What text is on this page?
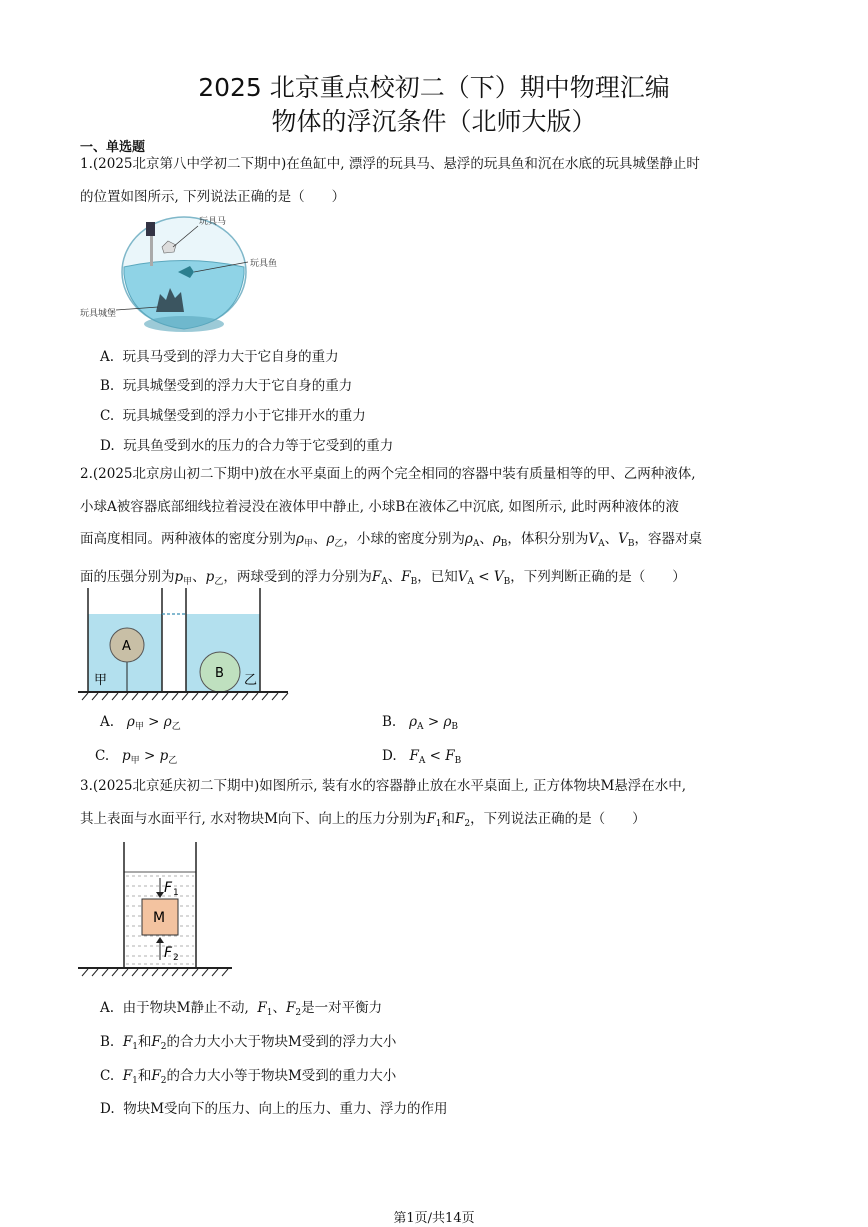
2025 北京重点校初二（下）期中物理汇编
物体的浮沉条件（北师大版）
一、单选题

1.(2025北京第八中学初二下期中)在鱼缸中, 漂浮的玩具马、悬浮的玩具鱼和沉在水底的玩具城堡静止时

的位置如图所示, 下列说法正确的是（　　）

玩具马
玩具鱼
玩具城堡
A. 玩具马受到的浮力大于它自身的重力
B. 玩具城堡受到的浮力大于它自身的重力
C. 玩具城堡受到的浮力小于它排开水的重力
D. 玩具鱼受到水的压力的合力等于它受到的重力

2.(2025北京房山初二下期中)放在水平桌面上的两个完全相同的容器中装有质量相等的甲、乙两种液体,

小球A被容器底部细线拉着浸没在液体甲中静止, 小球B在液体乙中沉底, 如图所示, 此时两种液体的液

面高度相同。两种液体的密度分别为$\rho_甲$、$\rho_乙$，小球的密度分别为$\rho_A$、$\rho_B$，体积分别为$V_A$、$V_B$，容器对桌

面的压强分别为$p_甲$、$p_乙$，两球受到的浮力分别为$F_A$、$F_B$，已知$V_A < V_B$，下列判断正确的是（　　）

A
B
甲	乙
A. $\rho_甲 > \rho_乙$	B. $\rho_A > \rho_B$
C. $p_甲 > p_乙$	D. $F_A < F_B$

3.(2025北京延庆初二下期中)如图所示, 装有水的容器静止放在水平桌面上, 正方体物块M悬浮在水中,

其上表面与水面平行, 水对物块M向下、向上的压力分别为$F_1$和$F_2$，下列说法正确的是（　　）

M
F 1
F 2
A. 由于物块M静止不动, $F_1$、$F_2$是一对平衡力
B. $F_1$和$F_2$的合力大小大于物块M受到的浮力大小
C. $F_1$和$F_2$的合力大小等于物块M受到的重力大小
D. 物块M受向下的压力、向上的压力、重力、浮力的作用
第1页/共14页
